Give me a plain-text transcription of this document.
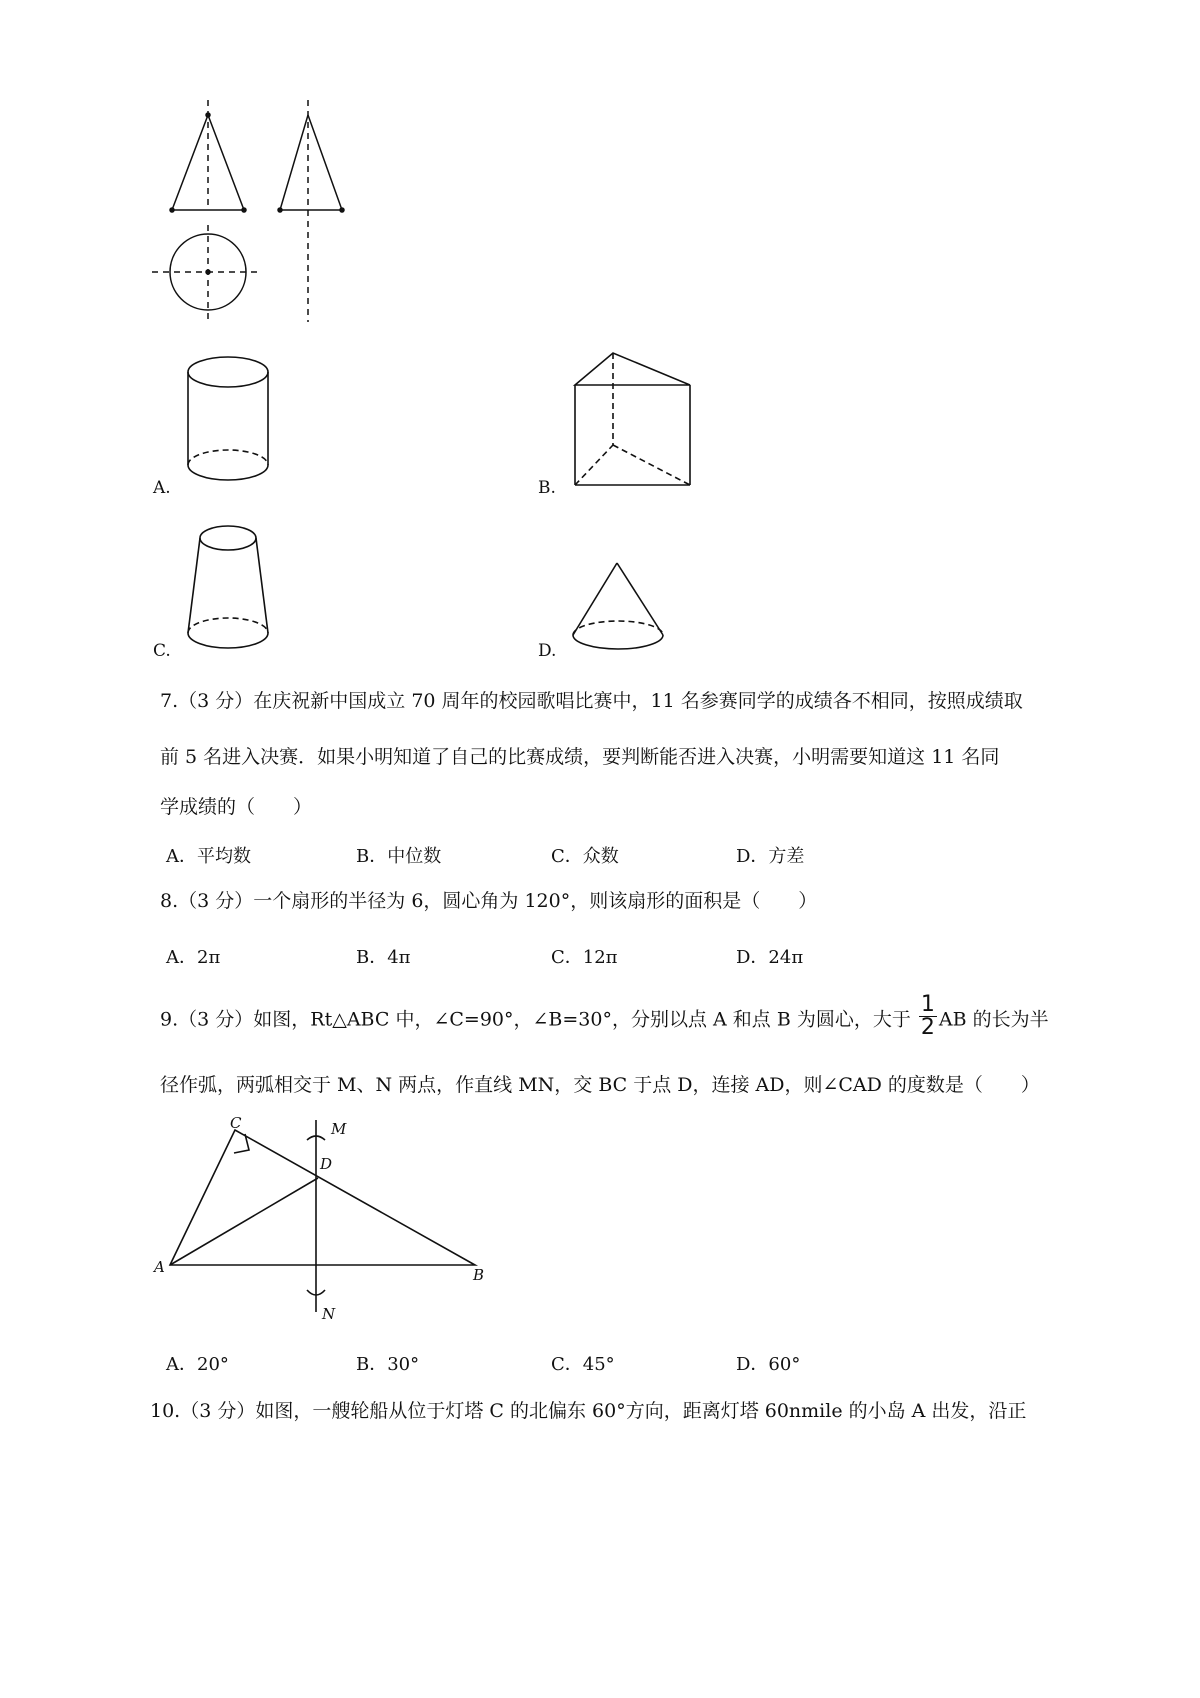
A.	B.
C.	D.
7.（3 分）在庆祝新中国成立 70 周年的校园歌唱比赛中，11 名参赛同学的成绩各不相同，按照成绩取
前 5 名进入决赛．如果小明知道了自己的比赛成绩，要判断能否进入决赛，小明需要知道这 11 名同
学成绩的（　　）
A．平均数	B．中位数	C．众数	D．方差
8.（3 分）一个扇形的半径为 6，圆心角为 120°，则该扇形的面积是（　　）
A．2π	B．4π	C．12π	D．24π
9.（3 分）如图，Rt△ABC 中，∠C=90°，∠B=30°，分别以点 A 和点 B 为圆心，大于 $\frac{1}{2}$ AB 的长为半
径作弧，两弧相交于 M、N 两点，作直线 MN，交 BC 于点 D，连接 AD，则∠CAD 的度数是（　　）
C	M
D
A	B
N
A．20°	B．30°	C．45°	D．60°
10.（3 分）如图，一艘轮船从位于灯塔 C 的北偏东 60°方向，距离灯塔 60nmile 的小岛 A 出发，沿正
